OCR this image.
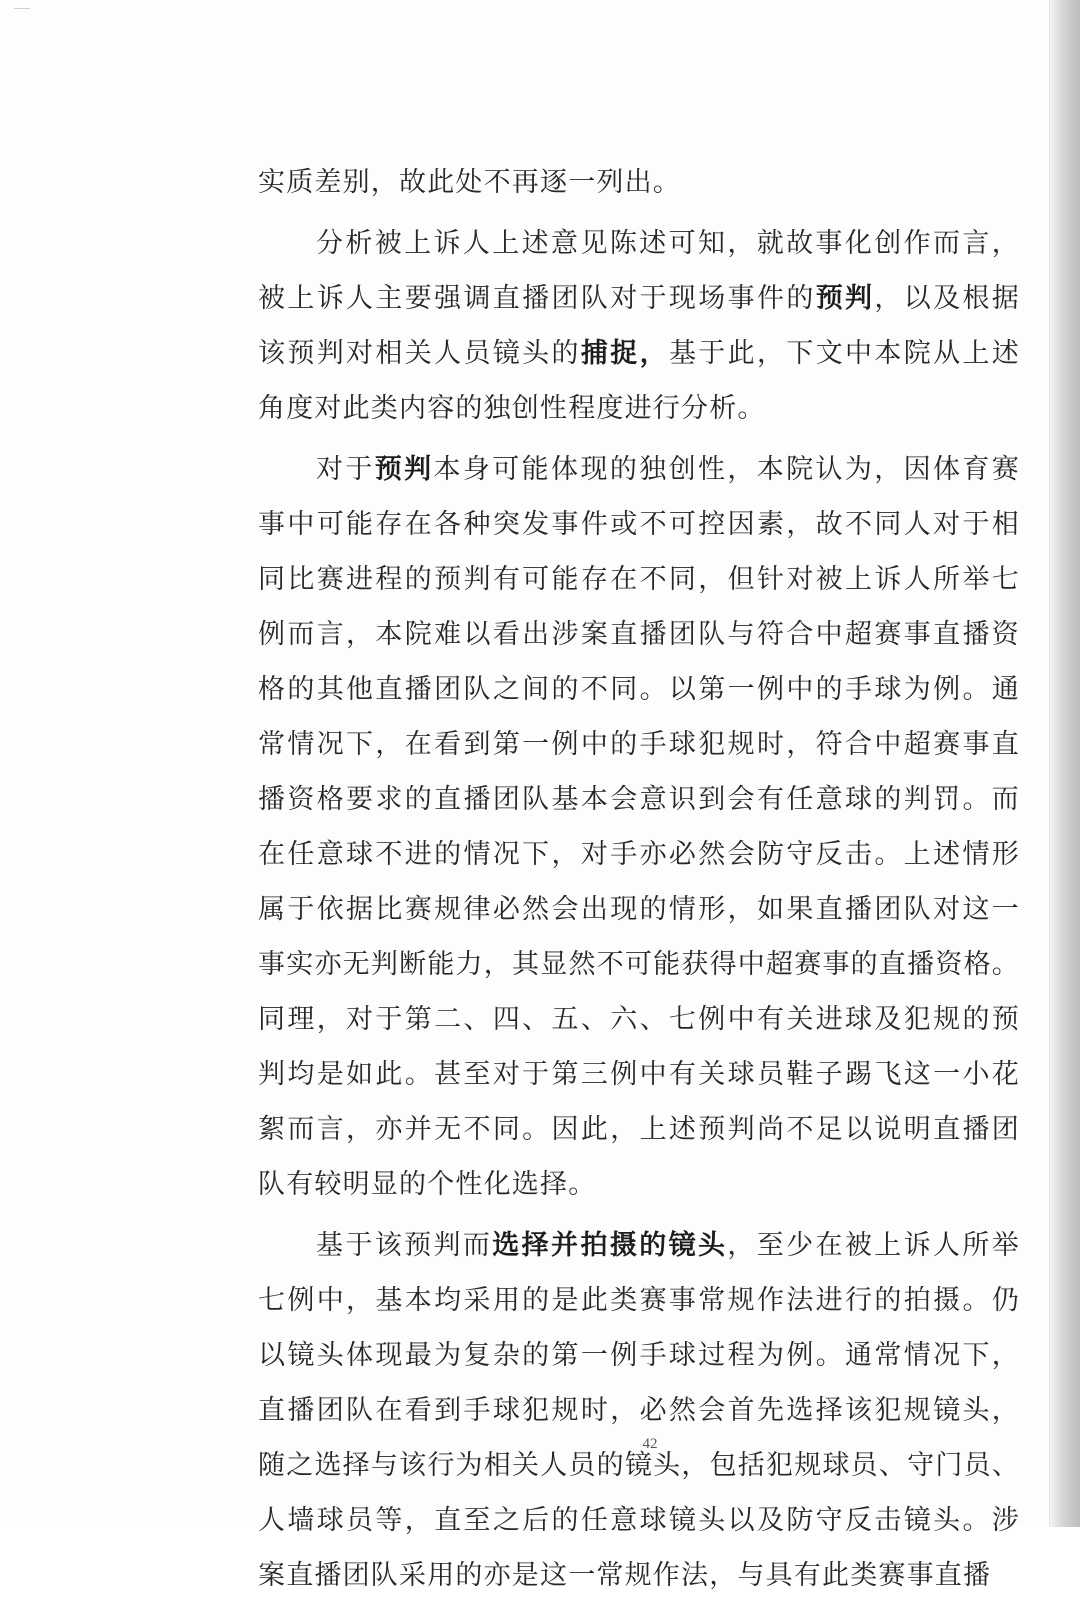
实质差别，故此处不再逐一列出。
分析被上诉人上述意见陈述可知，就故事化创作而言，
被上诉人主要强调直播团队对于现场事件的预判，以及根据
该预判对相关人员镜头的捕捉，基于此，下文中本院从上述
角度对此类内容的独创性程度进行分析。
对于预判本身可能体现的独创性，本院认为，因体育赛
事中可能存在各种突发事件或不可控因素，故不同人对于相
同比赛进程的预判有可能存在不同，但针对被上诉人所举七
例而言，本院难以看出涉案直播团队与符合中超赛事直播资
格的其他直播团队之间的不同。以第一例中的手球为例。通
常情况下，在看到第一例中的手球犯规时，符合中超赛事直
播资格要求的直播团队基本会意识到会有任意球的判罚。而
在任意球不进的情况下，对手亦必然会防守反击。上述情形
属于依据比赛规律必然会出现的情形，如果直播团队对这一
事实亦无判断能力，其显然不可能获得中超赛事的直播资格。
同理，对于第二、四、五、六、七例中有关进球及犯规的预
判均是如此。甚至对于第三例中有关球员鞋子踢飞这一小花
絮而言，亦并无不同。因此，上述预判尚不足以说明直播团
队有较明显的个性化选择。
基于该预判而选择并拍摄的镜头，至少在被上诉人所举
七例中，基本均采用的是此类赛事常规作法进行的拍摄。仍
以镜头体现最为复杂的第一例手球过程为例。通常情况下，
直播团队在看到手球犯规时，必然会首先选择该犯规镜头，
随之选择与该行为相关人员的镜头，包括犯规球员、守门员、
人墙球员等，直至之后的任意球镜头以及防守反击镜头。涉
案直播团队采用的亦是这一常规作法，与具有此类赛事直播
42
